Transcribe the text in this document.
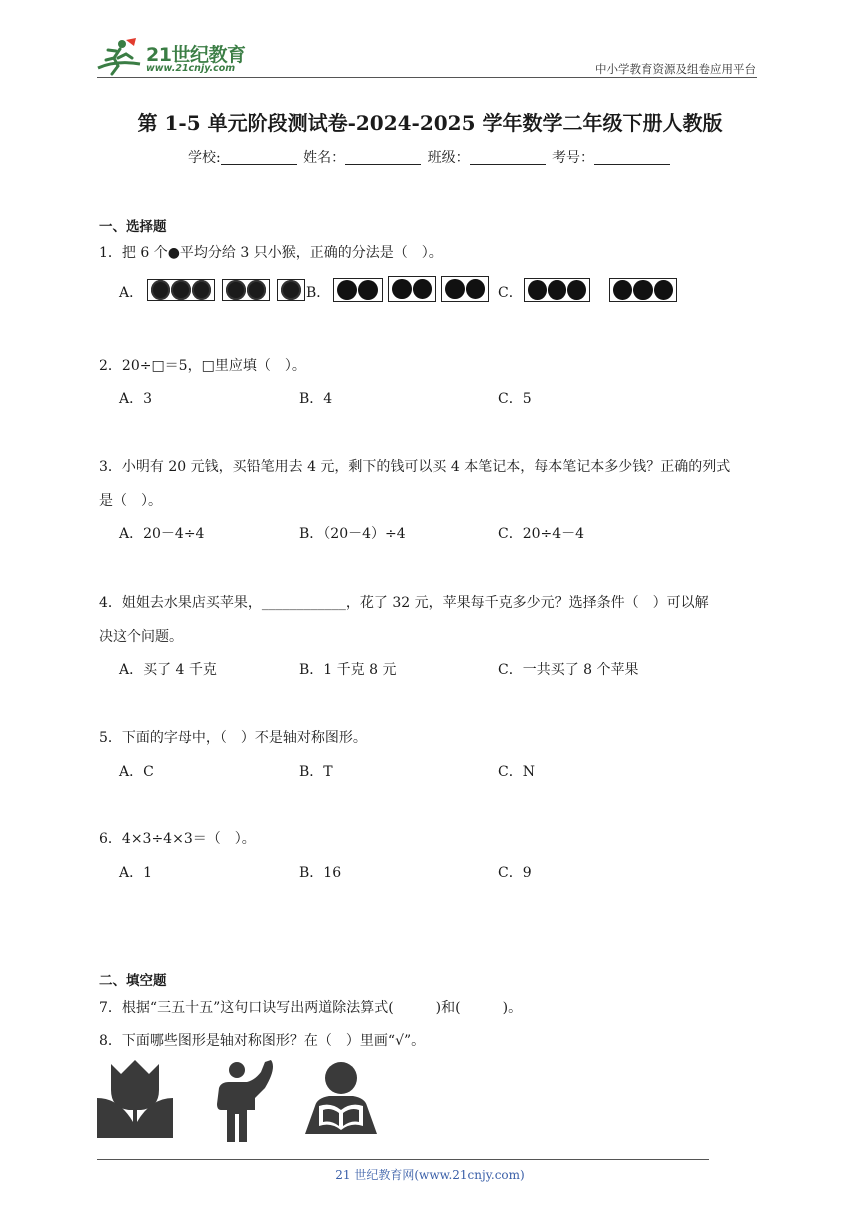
21世纪教育
www.21cnjy.com	中小学教育资源及组卷应用平台
第 1-5 单元阶段测试卷-2024-2025 学年数学二年级下册人教版
学校:	姓名：	班级：	考号：
一、选择题
1．把 6 个●平均分给 3 只小猴，正确的分法是（　）。
A．	B．	C．
2．20÷□＝5，□里应填（　）。
A．3	B．4	C．5
3．小明有 20 元钱，买铅笔用去 4 元，剩下的钱可以买 4 本笔记本，每本笔记本多少钱？正确的列式
是（　）。
A．20－4÷4	B．（20－4）÷4	C．20÷4－4
4．姐姐去水果店买苹果，____________，花了 32 元，苹果每千克多少元？选择条件（　）可以解
决这个问题。
A．买了 4 千克	B．1 千克 8 元	C．一共买了 8 个苹果
5．下面的字母中，（　）不是轴对称图形。
A．C	B．T	C．N
6．4×3÷4×3＝（　）。
A．1	B．16	C．9
二、填空题
7．根据“三五十五”这句口诀写出两道除法算式(　　　)和(　　　)。
8．下面哪些图形是轴对称图形？在（　）里画“√”。
21 世纪教育网(www.21cnjy.com)
